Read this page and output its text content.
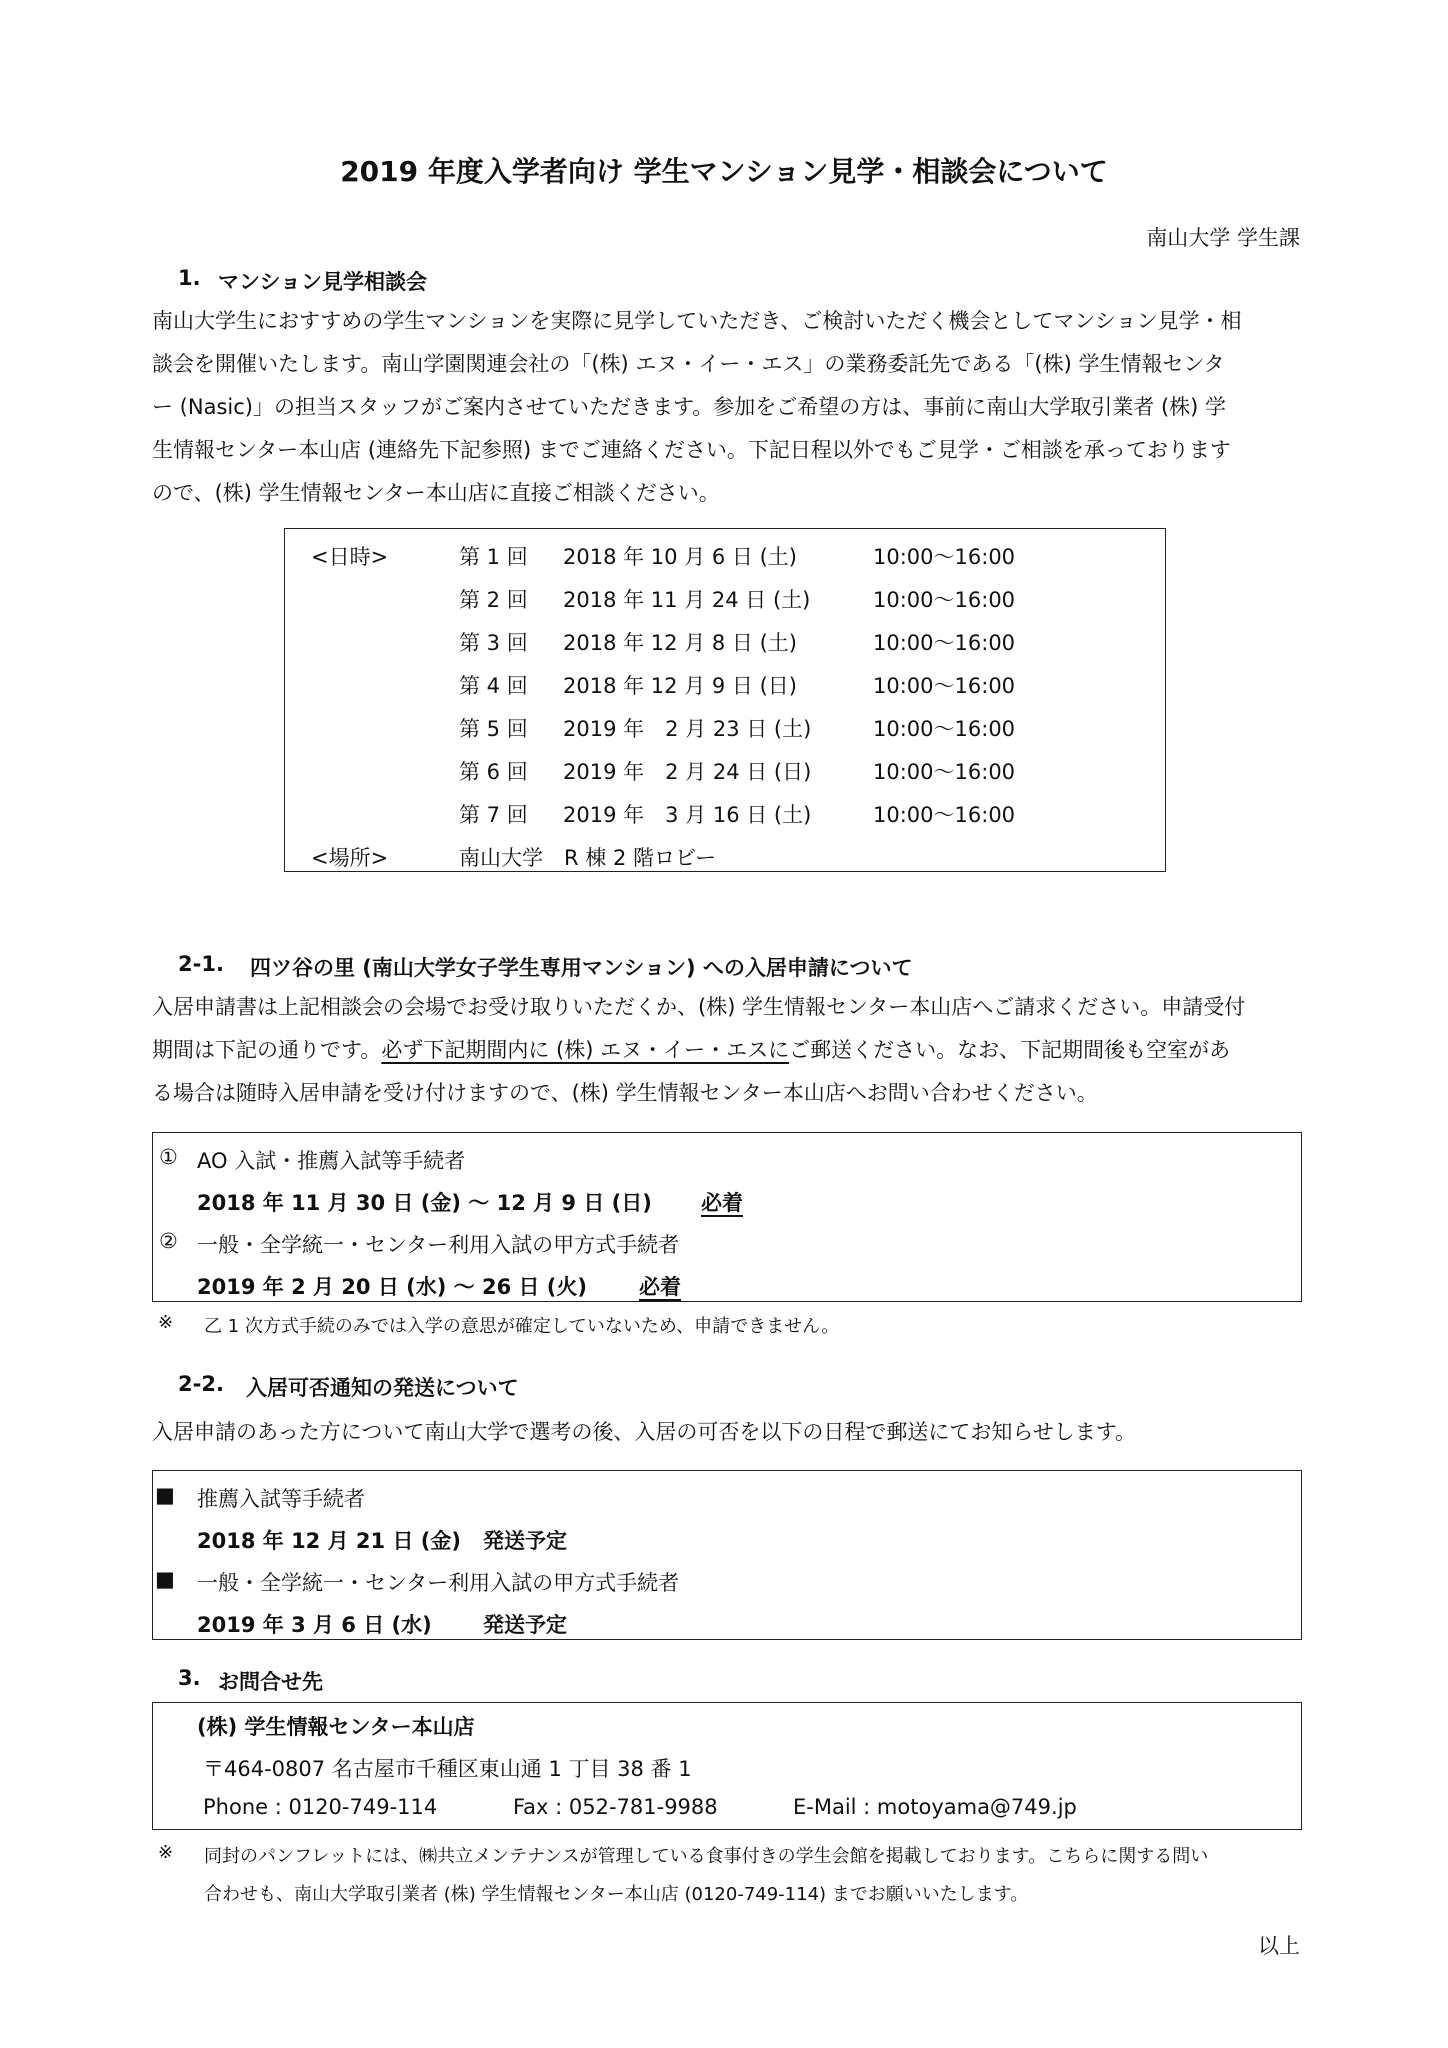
2019 年度入学者向け 学生マンション見学・相談会について
南山大学 学生課
1. マンション見学相談会
南山大学生におすすめの学生マンションを実際に見学していただき、ご検討いただく機会としてマンション見学・相
談会を開催いたします。南山学園関連会社の「(株) エヌ・イー・エス」の業務委託先である「(株) 学生情報センタ
ー (Nasic)」の担当スタッフがご案内させていただきます。参加をご希望の方は、事前に南山大学取引業者 (株) 学
生情報センター本山店 (連絡先下記参照) までご連絡ください。下記日程以外でもご見学・ご相談を承っております
ので、(株) 学生情報センター本山店に直接ご相談ください。
<日時>	第 1 回 2018 年 10 月 6 日 (土)	10:00〜16:00
第 2 回 2018 年 11 月 24 日 (土)	10:00〜16:00
第 3 回 2018 年 12 月 8 日 (土)	10:00〜16:00
第 4 回 2018 年 12 月 9 日 (日)	10:00〜16:00
第 5 回 2019 年　2 月 23 日 (土)	10:00〜16:00
第 6 回 2019 年　2 月 24 日 (日)	10:00〜16:00
第 7 回 2019 年　3 月 16 日 (土)	10:00〜16:00
<場所>	南山大学　R 棟 2 階ロビー
2-1. 四ツ谷の里 (南山大学女子学生専用マンション) への入居申請について
入居申請書は上記相談会の会場でお受け取りいただくか、(株) 学生情報センター本山店へご請求ください。申請受付
期間は下記の通りです。必ず下記期間内に (株) エヌ・イー・エスにご郵送ください。なお、下記期間後も空室があ
る場合は随時入居申請を受け付けますので、(株) 学生情報センター本山店へお問い合わせください。
① AO 入試・推薦入試等手続者
2018 年 11 月 30 日 (金) 〜 12 月 9 日 (日) 必着
② 一般・全学統一・センター利用入試の甲方式手続者
2019 年 2 月 20 日 (水) 〜 26 日 (火) 必着
※ 乙 1 次方式手続のみでは入学の意思が確定していないため、申請できません。
2-2. 入居可否通知の発送について
入居申請のあった方について南山大学で選考の後、入居の可否を以下の日程で郵送にてお知らせします。
■ 推薦入試等手続者
2018 年 12 月 21 日 (金) 発送予定
■ 一般・全学統一・センター利用入試の甲方式手続者
2019 年 3 月 6 日 (水) 発送予定
3. お問合せ先
(株) 学生情報センター本山店
〒464-0807 名古屋市千種区東山通 1 丁目 38 番 1
Phone : 0120-749-114	Fax : 052-781-9988	E-Mail : motoyama@749.jp
※ 同封のパンフレットには、㈱共立メンテナンスが管理している食事付きの学生会館を掲載しております。こちらに関する問い
合わせも、南山大学取引業者 (株) 学生情報センター本山店 (0120-749-114) までお願いいたします。
以上
